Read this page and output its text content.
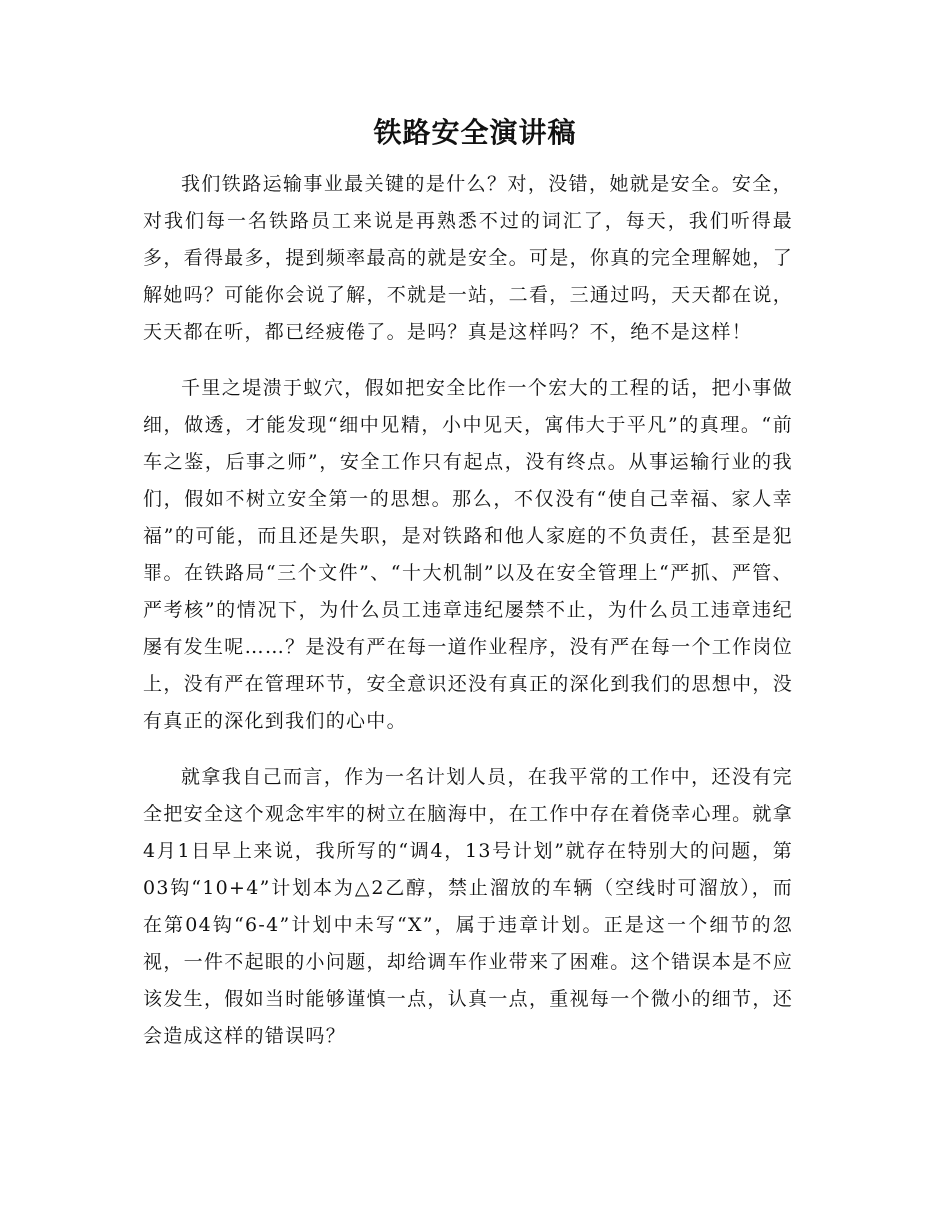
铁路安全演讲稿

我们铁路运输事业最关键的是什么？对，没错，她就是安全。安全，对我们每一名铁路员工来说是再熟悉不过的词汇了，每天，我们听得最多，看得最多，提到频率最高的就是安全。可是，你真的完全理解她，了解她吗？可能你会说了解，不就是一站，二看，三通过吗，天天都在说，天天都在听，都已经疲倦了。是吗？真是这样吗？不，绝不是这样！

千里之堤溃于蚁穴，假如把安全比作一个宏大的工程的话，把小事做细，做透，才能发现“细中见精，小中见天，寓伟大于平凡”的真理。“前车之鉴，后事之师”，安全工作只有起点，没有终点。从事运输行业的我们，假如不树立安全第一的思想。那么，不仅没有“使自己幸福、家人幸福”的可能，而且还是失职，是对铁路和他人家庭的不负责任，甚至是犯罪。在铁路局“三个文件”、“十大机制”以及在安全管理上“严抓、严管、严考核”的情况下，为什么员工违章违纪屡禁不止，为什么员工违章违纪屡有发生呢……？是没有严在每一道作业程序，没有严在每一个工作岗位上，没有严在管理环节，安全意识还没有真正的深化到我们的思想中，没有真正的深化到我们的心中。

就拿我自己而言，作为一名计划人员，在我平常的工作中，还没有完全把安全这个观念牢牢的树立在脑海中，在工作中存在着侥幸心理。就拿4月1日早上来说，我所写的“调4，13号计划”就存在特别大的问题，第03钩“10+4”计划本为△2乙醇，禁止溜放的车辆（空线时可溜放），而在第04钩“6-4”计划中未写“X”，属于违章计划。正是这一个细节的忽视，一件不起眼的小问题，却给调车作业带来了困难。这个错误本是不应该发生，假如当时能够谨慎一点，认真一点，重视每一个微小的细节，还会造成这样的错误吗？
